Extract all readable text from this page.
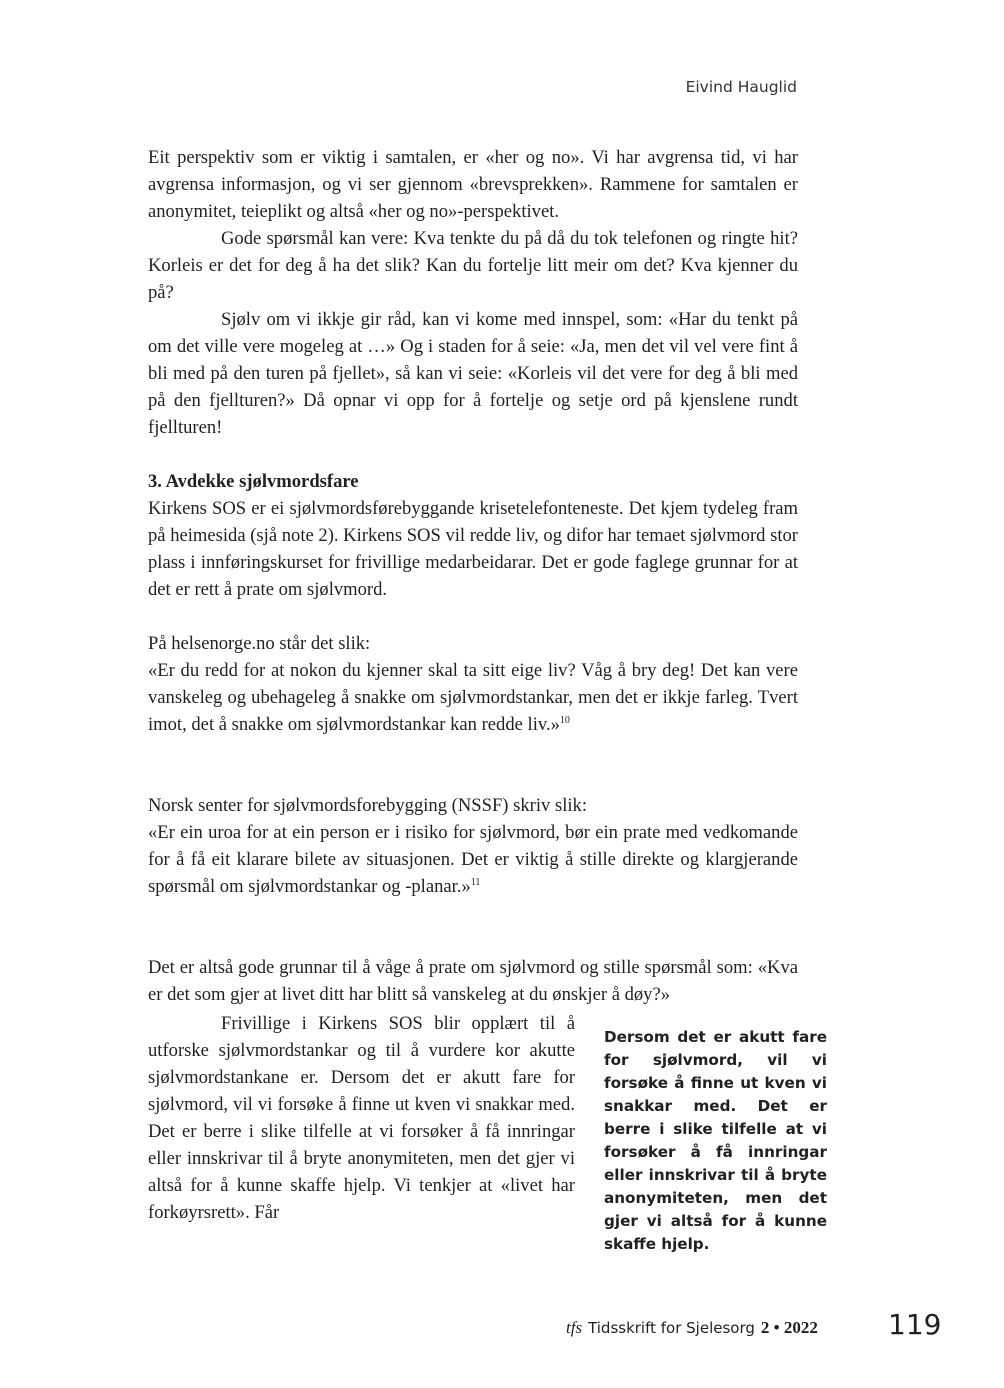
Eivind Hauglid

Eit perspektiv som er viktig i samtalen, er «her og no». Vi har avgrensa tid, vi har avgrensa informasjon, og vi ser gjennom «brevsprekken». Rammene for samtalen er anonymitet, teieplikt og altså «her og no»-perspektivet.

Gode spørsmål kan vere: Kva tenkte du på då du tok telefonen og ringte hit? Korleis er det for deg å ha det slik? Kan du fortelje litt meir om det? Kva kjenner du på?

Sjølv om vi ikkje gir råd, kan vi kome med innspel, som: «Har du tenkt på om det ville vere mogeleg at …» Og i staden for å seie: «Ja, men det vil vel vere fint å bli med på den turen på fjellet», så kan vi seie: «Korleis vil det vere for deg å bli med på den fjellturen?» Då opnar vi opp for å fortelje og setje ord på kjenslene rundt fjellturen!

3. Avdekke sjølvmordsfare

Kirkens SOS er ei sjølvmordsførebyggande krisetelefonteneste. Det kjem tydeleg fram på heimesida (sjå note 2). Kirkens SOS vil redde liv, og difor har temaet sjølvmord stor plass i innføringskurset for frivillige medarbeidarar. Det er gode faglege grunnar for at det er rett å prate om sjølvmord.

På helsenorge.no står det slik:

«Er du redd for at nokon du kjenner skal ta sitt eige liv? Våg å bry deg! Det kan vere vanskeleg og ubehageleg å snakke om sjølvmordstankar, men det er ikkje farleg. Tvert imot, det å snakke om sjølvmordstankar kan redde liv.»$^{10}$

Norsk senter for sjølvmordsforebygging (NSSF) skriv slik:

«Er ein uroa for at ein person er i risiko for sjølvmord, bør ein prate med vedkomande for å få eit klarare bilete av situasjonen. Det er viktig å stille direkte og klargjerande spørsmål om sjølvmordstankar og -planar.»$^{11}$

Det er altså gode grunnar til å våge å prate om sjølvmord og stille spørsmål som: «Kva er det som gjer at livet ditt har blitt så vanskeleg at du ønskjer å døy?»

Frivillige i Kirkens SOS blir opplært til å utforske sjølvmordstankar og til å vurdere kor akutte sjølvmordstankane er. Dersom det er akutt fare for sjølvmord, vil vi forsøke å finne ut kven vi snakkar med. Det er berre i slike tilfelle at vi forsøker å få innringar eller innskrivar til å bryte anonymiteten, men det gjer vi altså for å kunne skaffe hjelp. Vi tenkjer at «livet har forkøyrsrett». Får

Dersom det er akutt fare for sjølvmord, vil vi forsøke å finne ut kven vi snakkar med. Det er berre i slike tilfelle at vi forsøker å få innringar eller innskrivar til å bryte anonymiteten, men det gjer vi altså for å kunne skaffe hjelp.

tfs Tidsskrift for Sjelesorg 2 • 2022	119
